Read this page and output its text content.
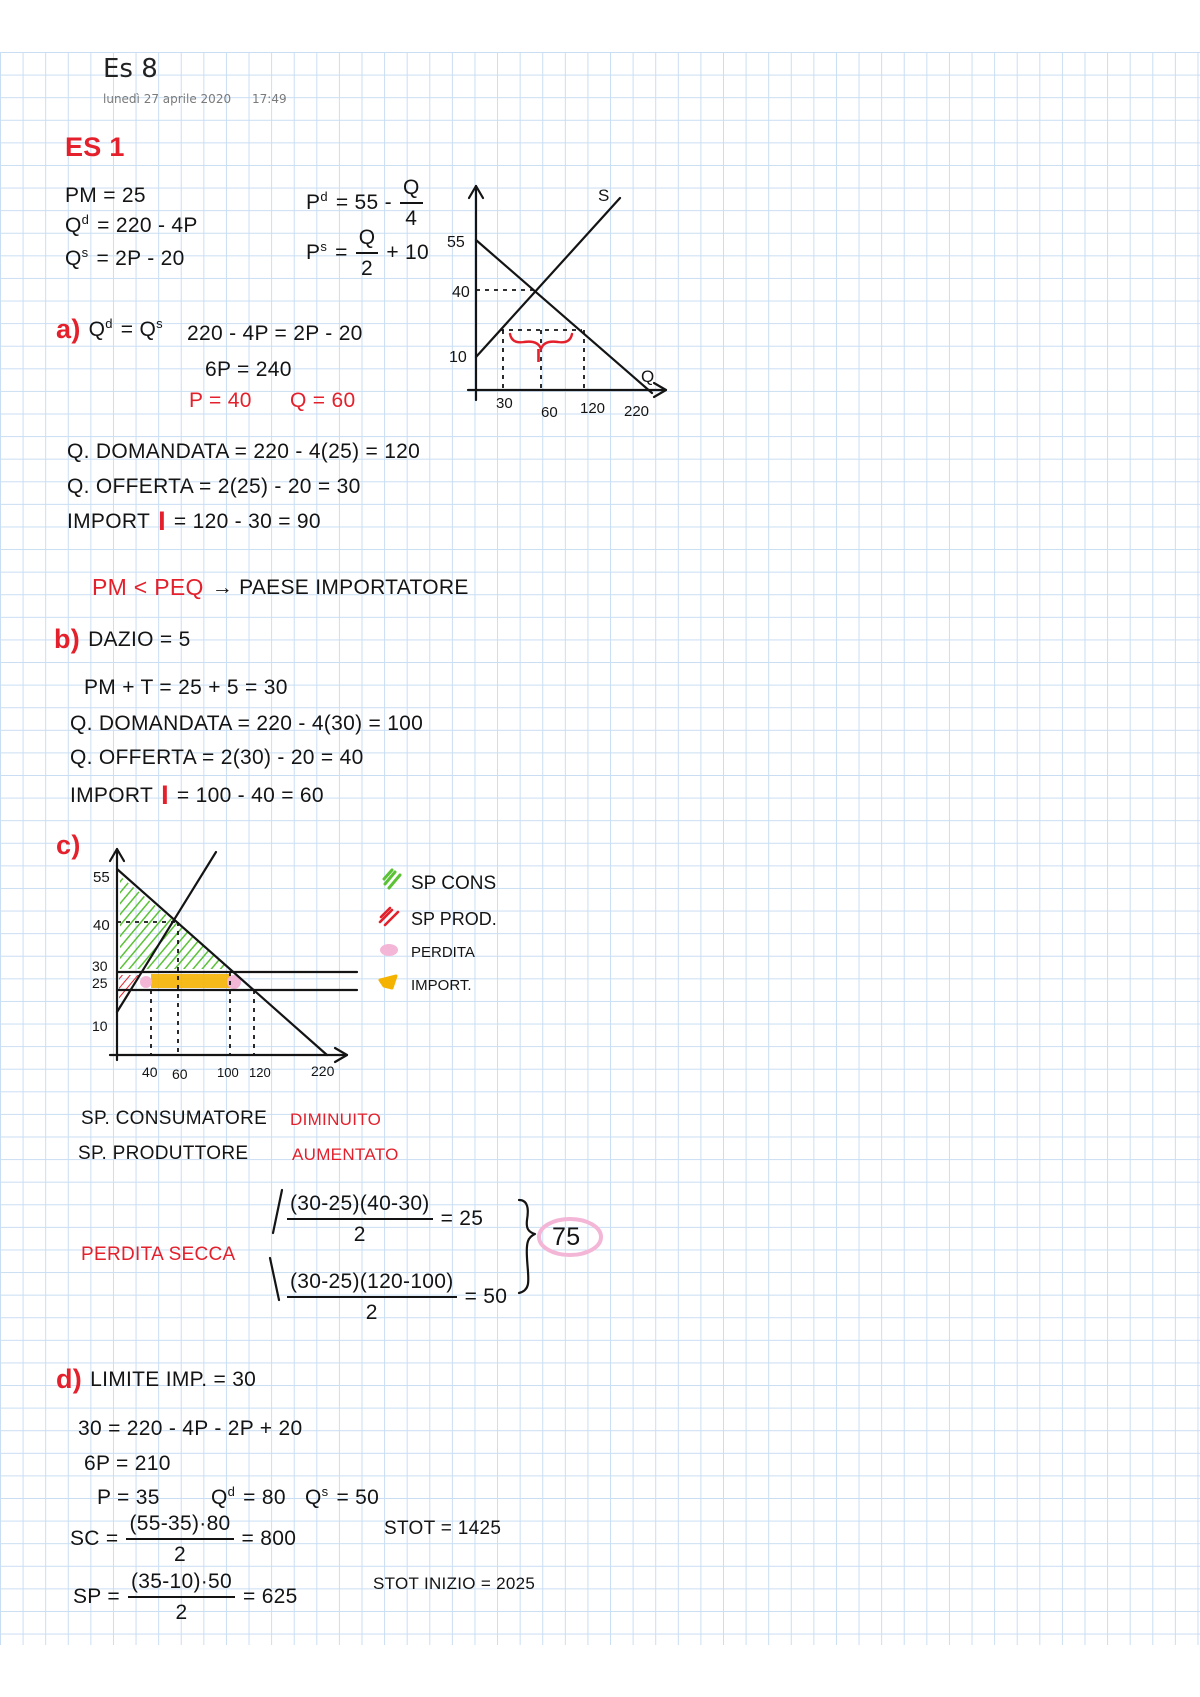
Es 8
lunedì 27 aprile 2020 17:49
ES 1
PM = 25
$Q^d = 220 - 4P$
$Q^s = 2P - 20$
$P^d = 55 - \frac{Q}{4}$
$P^s = \frac{Q}{2} + 10$
a) $Q^d = Q^s$ 220 - 4P = 2P - 20
6P = 240
P = 40 Q = 60
Q. DOMANDATA = 220 - 4(25) = 120
Q. OFFERTA = 2(25) - 20 = 30
IMPORT I = 120 - 30 = 90
PM < PEQ → PAESE IMPORTATORE
b) DAZIO = 5
PM + T = 25 + 5 = 30
Q. DOMANDATA = 220 - 4(30) = 100
Q. OFFERTA = 2(30) - 20 = 40
IMPORT I = 100 - 40 = 60
c)
SP. CONSUMATORE DIMINUITO
SP. PRODUTTORE	AUMENTATO
$\frac{(30-25)(40-30)}{2} = 25$
PERDITA SECCA
$\frac{(30-25)(120-100)}{2} = 50$
75
d) LIMITE IMP. = 30
30 = 220 - 4P - 2P + 20
6P = 210
P = 35 $Q^d = 80$ $Q^s = 50$
SC = $\frac{(55-35)\cdot 80}{2} = 800$	STOT = 1425
SP = $\frac{(35-10)\cdot 50}{2} = 625$
STOT INIZIO = 2025
55
40
10
S
Q
30
60 120 220
I
55
40
30
25
10
40 60 100 120	220
SP CONS
SP PROD.
PERDITA
IMPORT.
